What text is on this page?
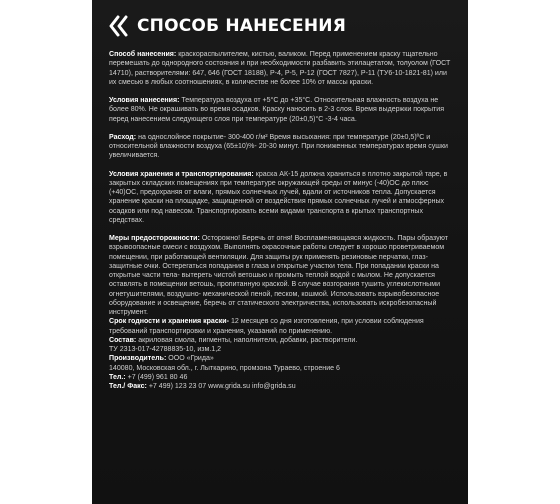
СПОСОБ НАНЕСЕНИЯ

Способ нанесения: краскораспылителем, кистью, валиком. Перед применением краску тщательно перемешать до однородного состояния и при необходимости разбавить этилацетатом, толуолом (ГОСТ 14710), растворителями: 647, 646 (ГОСТ 18188), Р-4, Р-5, Р-12 (ГОСТ 7827), Р-11 (ТУ6-10-1821-81) или их смесью в любых соотношениях, в количестве не более 10% от массы краски.

Условия нанесения: Температура воздуха от +5°С до +35°С. Относительная влажность воздуха не более 80%. Не окрашивать во время осадков. Краску наносить в 2-3 слоя. Время выдержки покрытия перед нанесением следующего слоя при температуре (20±0,5)°С -3-4 часа.

Расход: на однослойное покрытие- 300-400 г/м² Время высыхания: при температуре (20±0,5)ºС и относительной влажности воздуха (65±10)%- 20-30 минут. При пониженных температурах время сушки увеличивается.

Условия хранения и транспортирования: краска АК-15 должна храниться в плотно закрытой таре, в закрытых складских помещениях при температуре окружающей среды от минус (-40)ОС до плюс (+40)ОС, предохраняя от влаги, прямых солнечных лучей, вдали от источников тепла. Допускается хранение краски на площадке, защищенной от воздействия прямых солнечных лучей и атмосферных осадков или под навесом. Транспортировать всеми видами транспорта в крытых транспортных средствах.

Меры предосторожности: Осторожно! Беречь от огня! Воспламеняющаяся жидкость. Пары образуют взрывоопасные смеси с воздухом. Выполнять окрасочные работы следует в хорошо проветриваемом помещении, при работающей вентиляции. Для защиты рук применять резиновые перчатки, глаз- защитные очки. Остерегаться попадания в глаза и открытые участки тела. При попадании краски на открытые части тела- вытереть чистой ветошью и промыть теплой водой с мылом. Не допускается оставлять в помещении ветошь, пропитанную краской. В случае возгорания тушить углекислотными огнетушителями, воздушно- механической пеной, песком, кошмой. Использовать взрывобезопасное оборудование и освещение, беречь от статического электричества, использовать искробезопасный инструмент.

Срок годности и хранения краски- 12 месяцев со дня изготовления, при условии соблюдения требований транспортировки и хранения, указаний по применению.

Состав: акриловая смола, пигменты, наполнители, добавки, растворители.

ТУ 2313-017-42788835-10, изм.1,2

Производитель: ООО «Грида»

140080, Московская обл., г. Лыткарино, промзона Тураево, строение 6

Тел.: +7 (499) 961 80 46

Тел./ Факс: +7 499) 123 23 07 www.grida.su info@grida.su
